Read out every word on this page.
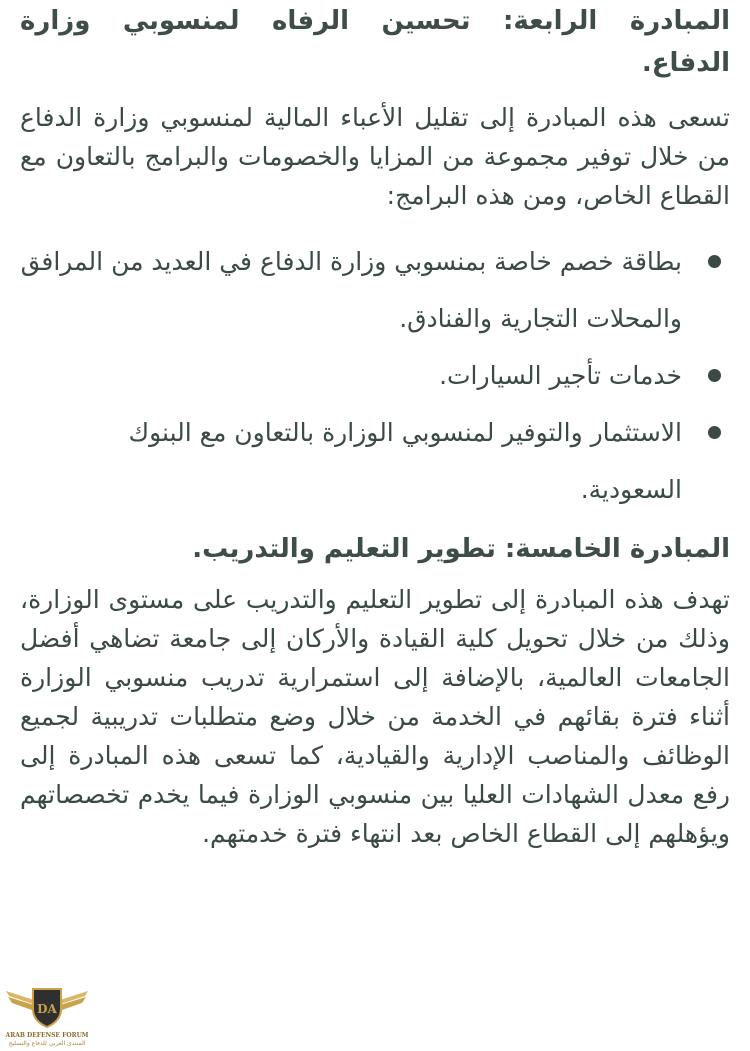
المبادرة الرابعة: تحسين الرفاه لمنسوبي وزارة الدفاع.

تسعى هذه المبادرة إلى تقليل الأعباء المالية لمنسوبي وزارة الدفاع من خلال توفير مجموعة من المزايا والخصومات والبرامج بالتعاون مع القطاع الخاص، ومن هذه البرامج:

بطاقة خصم خاصة بمنسوبي وزارة الدفاع في العديد من المرافق والمحلات التجارية والفنادق.
خدمات تأجير السيارات.
الاستثمار والتوفير لمنسوبي الوزارة بالتعاون مع البنوك السعودية.
المبادرة الخامسة: تطوير التعليم والتدريب.

تهدف هذه المبادرة إلى تطوير التعليم والتدريب على مستوى الوزارة، وذلك من خلال تحويل كلية القيادة والأركان إلى جامعة تضاهي أفضل الجامعات العالمية، بالإضافة إلى استمرارية تدريب منسوبي الوزارة أثناء فترة بقائهم في الخدمة من خلال وضع متطلبات تدريبية لجميع الوظائف والمناصب الإدارية والقيادية، كما تسعى هذه المبادرة إلى رفع معدل الشهادات العليا بين منسوبي الوزارة فيما يخدم تخصصاتهم ويؤهلهم إلى القطاع الخاص بعد انتهاء فترة خدمتهم.

DA
ARAB DEFENSE FORUM
المنتدى العربي للدفاع والتسليح
